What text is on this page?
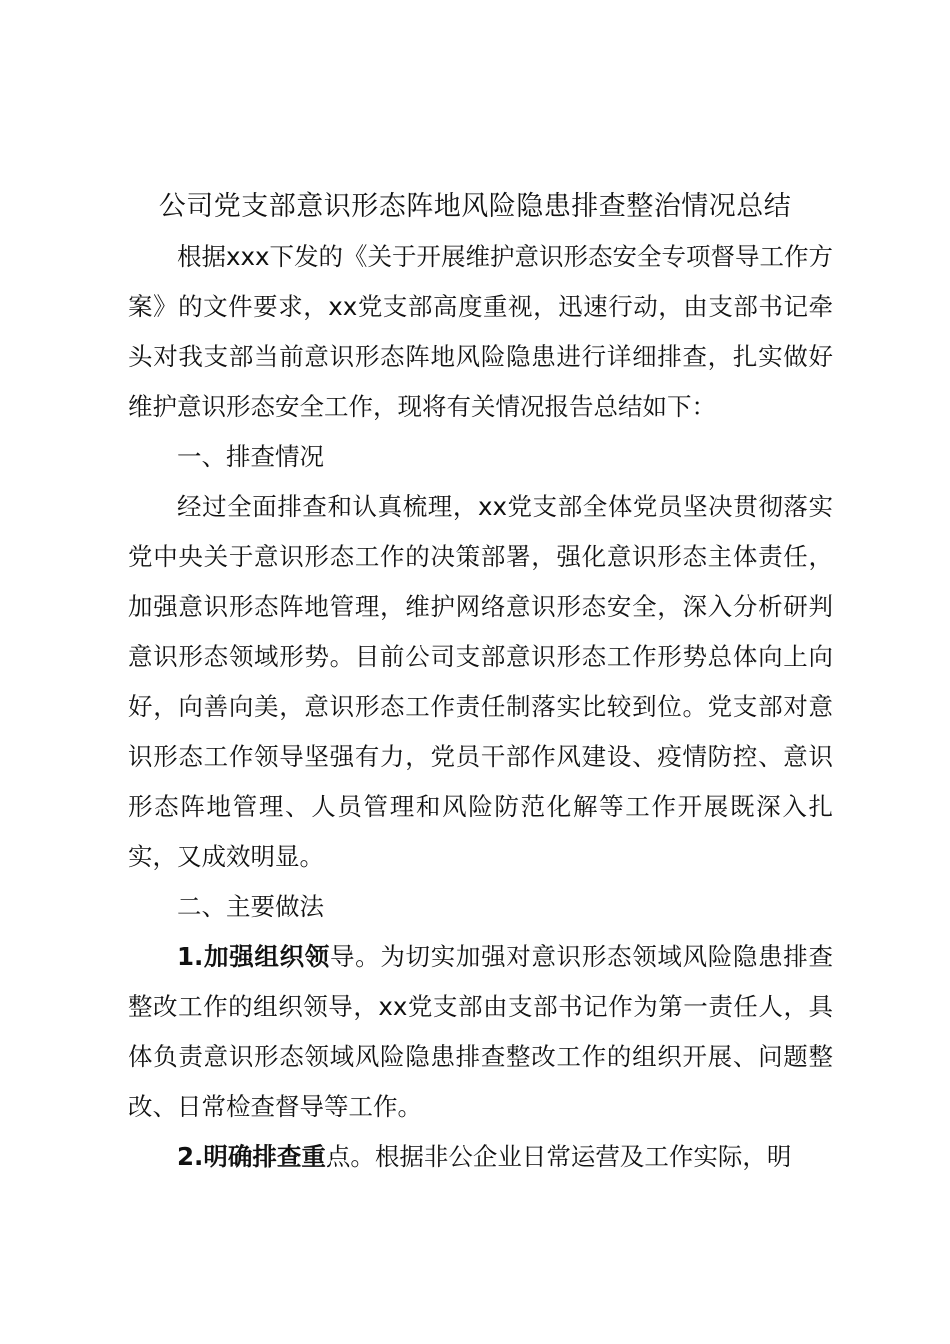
公司党支部意识形态阵地风险隐患排查整治情况总结

根据xxx下发的《关于开展维护意识形态安全专项督导工作方案》的文件要求，xx党支部高度重视，迅速行动，由支部书记牵头对我支部当前意识形态阵地风险隐患进行详细排查，扎实做好维护意识形态安全工作，现将有关情况报告总结如下：

一、排查情况

经过全面排查和认真梳理，xx党支部全体党员坚决贯彻落实党中央关于意识形态工作的决策部署，强化意识形态主体责任，加强意识形态阵地管理，维护网络意识形态安全，深入分析研判意识形态领域形势。目前公司支部意识形态工作形势总体向上向好，向善向美，意识形态工作责任制落实比较到位。党支部对意识形态工作领导坚强有力，党员干部作风建设、疫情防控、意识形态阵地管理、人员管理和风险防范化解等工作开展既深入扎实，又成效明显。

二、主要做法

1.加强组织领导。为切实加强对意识形态领域风险隐患排查整改工作的组织领导，xx党支部由支部书记作为第一责任人，具体负责意识形态领域风险隐患排查整改工作的组织开展、问题整改、日常检查督导等工作。

2.明确排查重点。根据非公企业日常运营及工作实际，明
